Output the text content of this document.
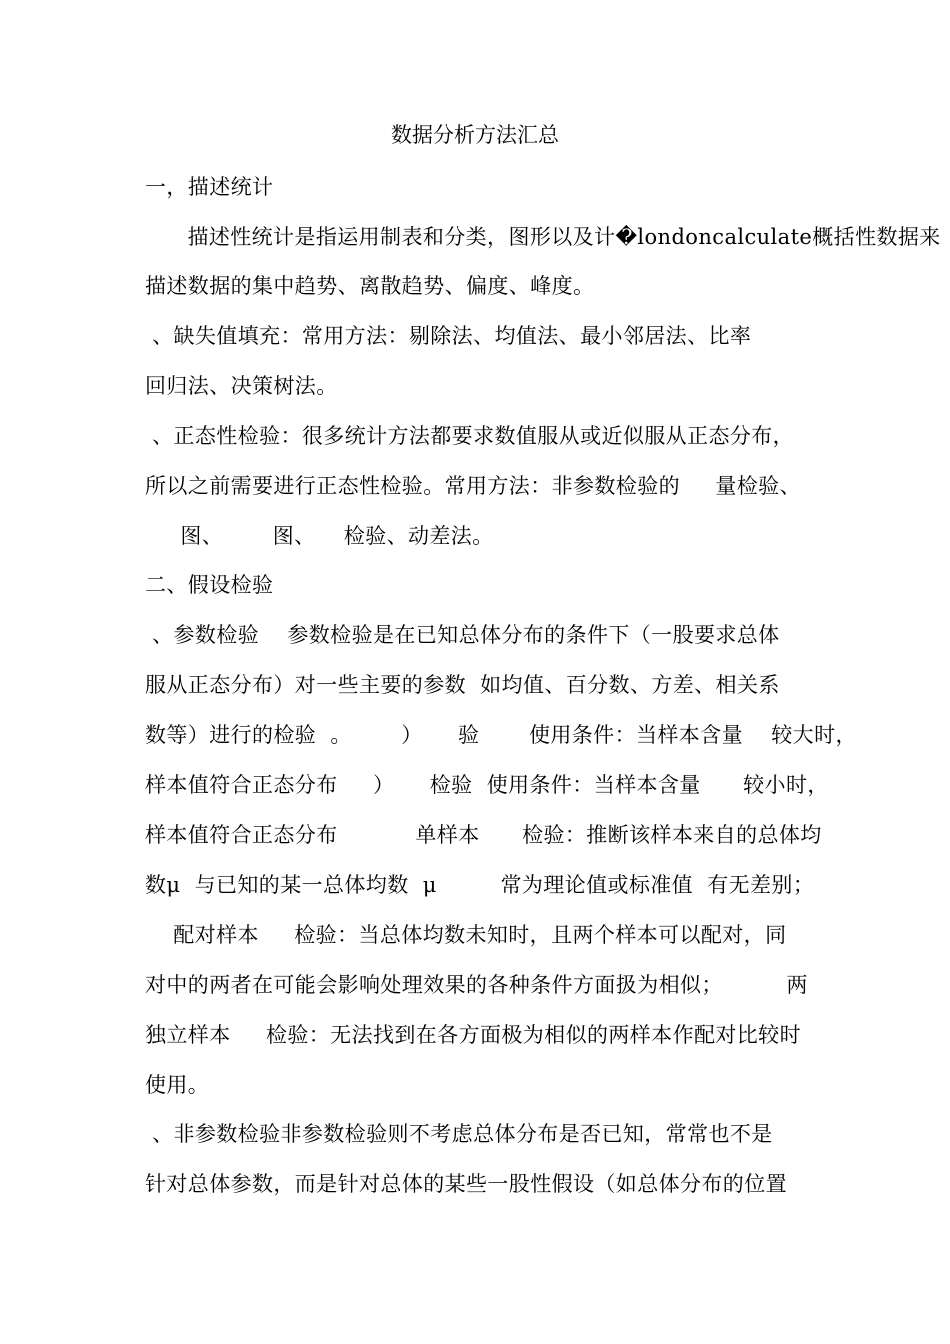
数据分析方法汇总
一，描述统计
描述性统计是指运用制表和分类，图形以及计�londoncalculate概括性数据来
描述数据的集中趋势、离散趋势、偏度、峰度。
、缺失值填充：常用方法：剔除法、均值法、最小邻居法、比率
回归法、决策树法。
、正态性检验：很多统计方法都要求数值服从或近似服从正态分布，
所以之前需要进行正态性检验。常用方法：非参数检验的     量检验、
图、       图、    检验、动差法。
二、假设检验
、参数检验    参数检验是在已知总体分布的条件下（一股要求总体
服从正态分布）对一些主要的参数  如均值、百分数、方差、相关系
数等）进行的检验  。       ）     验       使用条件：当样本含量    较大时，
样本值符合正态分布     ）     检验  使用条件：当样本含量      较小时，
样本值符合正态分布           单样本      检验：推断该样本来自的总体均
数μ  与已知的某一总体均数  μ         常为理论值或标准值  有无差别；
配对样本     检验：当总体均数未知时，且两个样本可以配对，同
对中的两者在可能会影响处理效果的各种条件方面扱为相似；         两
独立样本     检验：无法找到在各方面极为相似的两样本作配对比较时
使用。
、非参数检验非参数检验则不考虑总体分布是否已知，常常也不是
针对总体参数，而是针对总体的某些一股性假设（如总体分布的位置
